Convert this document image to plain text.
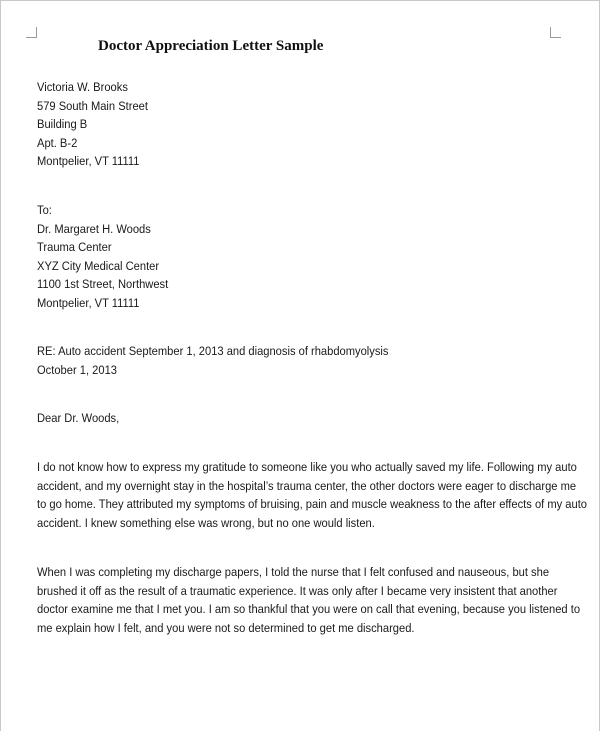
Doctor Appreciation Letter Sample
Victoria W. Brooks
579 South Main Street
Building B
Apt. B-2
Montpelier, VT 11111
To:
Dr. Margaret H. Woods
Trauma Center
XYZ City Medical Center
1100 1st Street, Northwest
Montpelier, VT 11111
RE: Auto accident September 1, 2013 and diagnosis of rhabdomyolysis
October 1, 2013
Dear Dr. Woods,
I do not know how to express my gratitude to someone like you who actually saved my life. Following my auto
accident, and my overnight stay in the hospital’s trauma center, the other doctors were eager to discharge me
to go home. They attributed my symptoms of bruising, pain and muscle weakness to the after effects of my auto
accident. I knew something else was wrong, but no one would listen.
When I was completing my discharge papers, I told the nurse that I felt confused and nauseous, but she
brushed it off as the result of a traumatic experience. It was only after I became very insistent that another
doctor examine me that I met you. I am so thankful that you were on call that evening, because you listened to
me explain how I felt, and you were not so determined to get me discharged.
